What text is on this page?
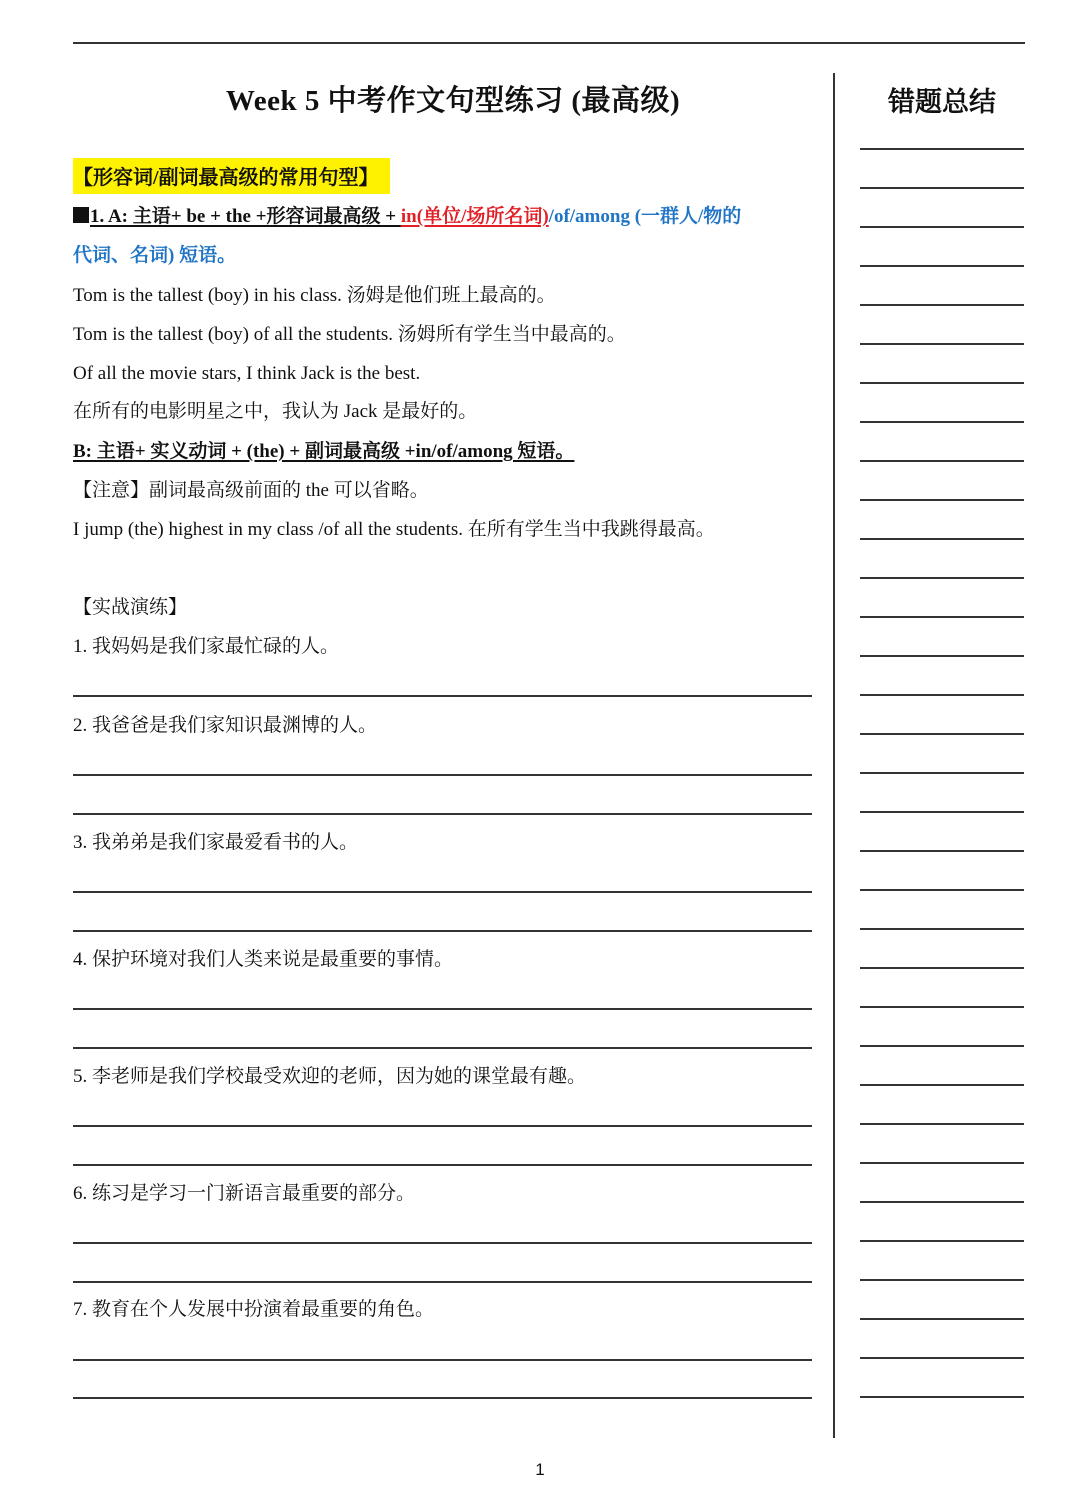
Week 5 中考作文句型练习 (最高级)	错题总结
【形容词/副词最高级的常用句型】
1. A: 主语+ be + the +形容词最高级 + in(单位/场所名词)/of/among (一群人/物的
代词、名词) 短语。
Tom is the tallest (boy) in his class. 汤姆是他们班上最高的。
Tom is the tallest (boy) of all the students. 汤姆所有学生当中最高的。
Of all the movie stars, I think Jack is the best.
在所有的电影明星之中，我认为 Jack 是最好的。
B: 主语+ 实义动词 + (the) + 副词最高级 +in/of/among 短语。
【注意】副词最高级前面的 the 可以省略。
I jump (the) highest in my class /of all the students. 在所有学生当中我跳得最高。
【实战演练】
1. 我妈妈是我们家最忙碌的人。
2. 我爸爸是我们家知识最渊博的人。
3. 我弟弟是我们家最爱看书的人。
4. 保护环境对我们人类来说是最重要的事情。
5. 李老师是我们学校最受欢迎的老师，因为她的课堂最有趣。
6. 练习是学习一门新语言最重要的部分。
7. 教育在个人发展中扮演着最重要的角色。
1
